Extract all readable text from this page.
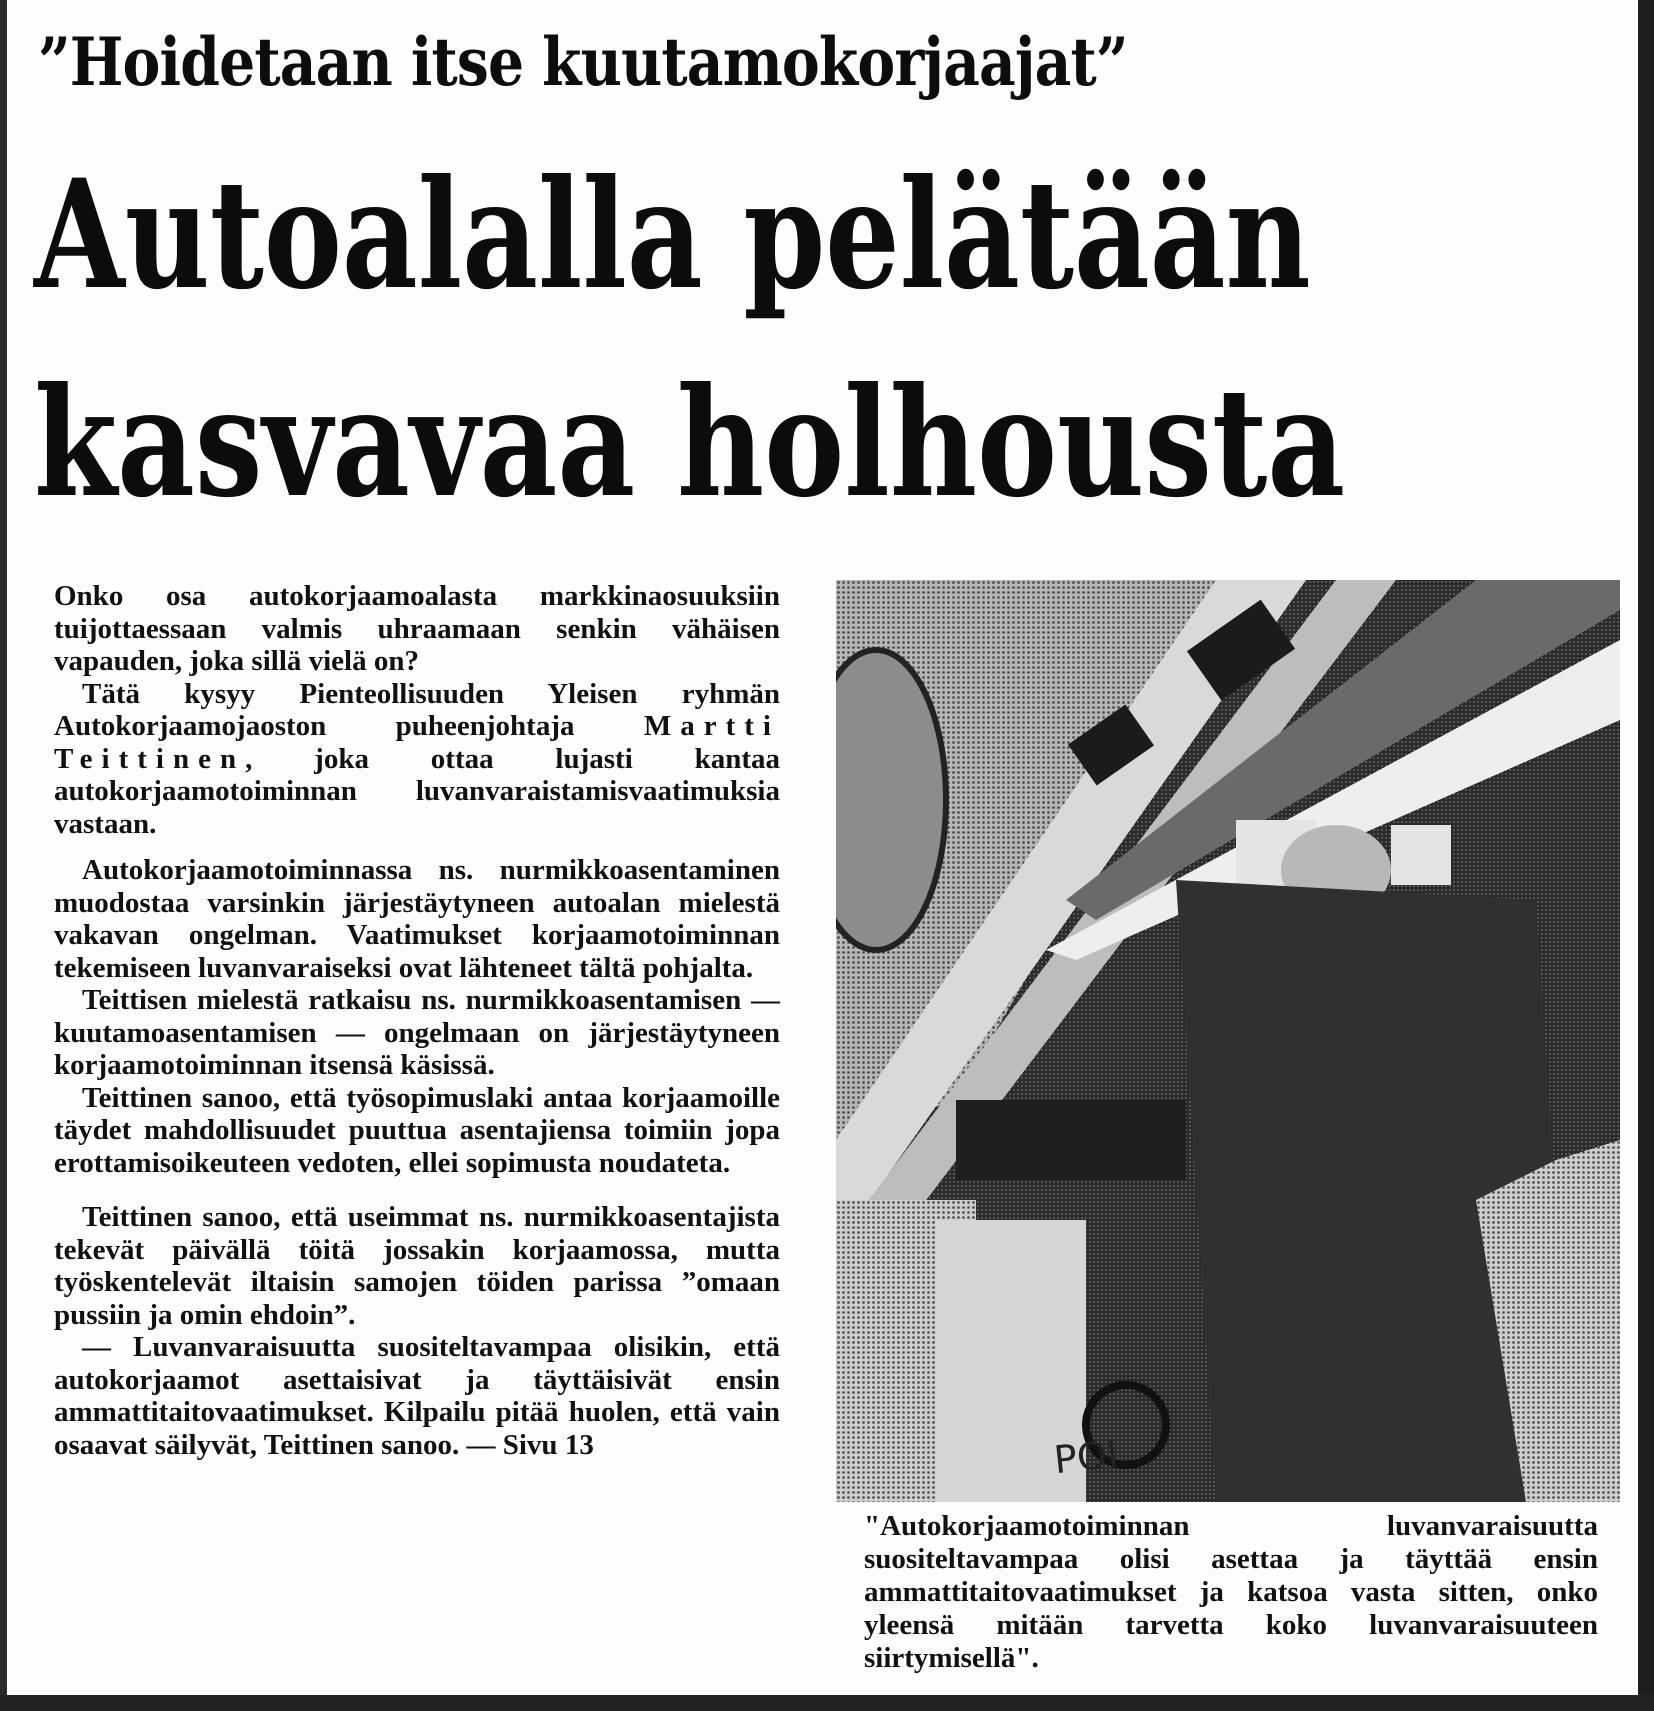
”Hoidetaan itse kuutamokorjaajat”
Autoalalla pelätään
kasvavaa holhousta

Onko osa autokorjaamoalasta markkinaosuuksiin tuijottaessaan valmis uhraamaan senkin vähäisen vapauden, joka sillä vielä on?

Tätä kysyy Pienteollisuuden Yleisen ryhmän Autokorjaamojaoston puheenjohtaja Martti Teittinen, joka ottaa lujasti kantaa autokorjaamotoiminnan luvanvaraistamisvaatimuksia vastaan.

Autokorjaamotoiminnassa ns. nurmikkoasentaminen muodostaa varsinkin järjestäytyneen autoalan mielestä vakavan ongelman. Vaatimukset korjaamotoiminnan tekemiseen luvanvaraiseksi ovat lähteneet tältä pohjalta.

Teittisen mielestä ratkaisu ns. nurmikkoasentamisen — kuutamoasentamisen — ongelmaan on järjestäytyneen korjaamotoiminnan itsensä käsissä.

Teittinen sanoo, että työsopimuslaki antaa korjaamoille täydet mahdollisuudet puuttua asentajiensa toimiin jopa erottamisoikeuteen vedoten, ellei sopimusta noudateta.

Teittinen sanoo, että useimmat ns. nurmikkoasentajista tekevät päivällä töitä jossakin korjaamossa, mutta työskentelevät iltaisin samojen töiden parissa ”omaan pussiin ja omin ehdoin”.

— Luvanvaraisuutta suositeltavampaa olisikin, että autokorjaamot asettaisivat ja täyttäisivät ensin ammattitaitovaatimukset. Kilpailu pitää huolen, että vain osaavat säilyvät, Teittinen sanoo. — Sivu 13	POI

"Autokorjaamotoiminnan luvanvaraisuutta suositeltavampaa olisi asettaa ja täyttää ensin ammattitaitovaatimukset ja katsoa vasta sitten, onko yleensä mitään tarvetta koko luvanvaraisuuteen siirtymisellä".
